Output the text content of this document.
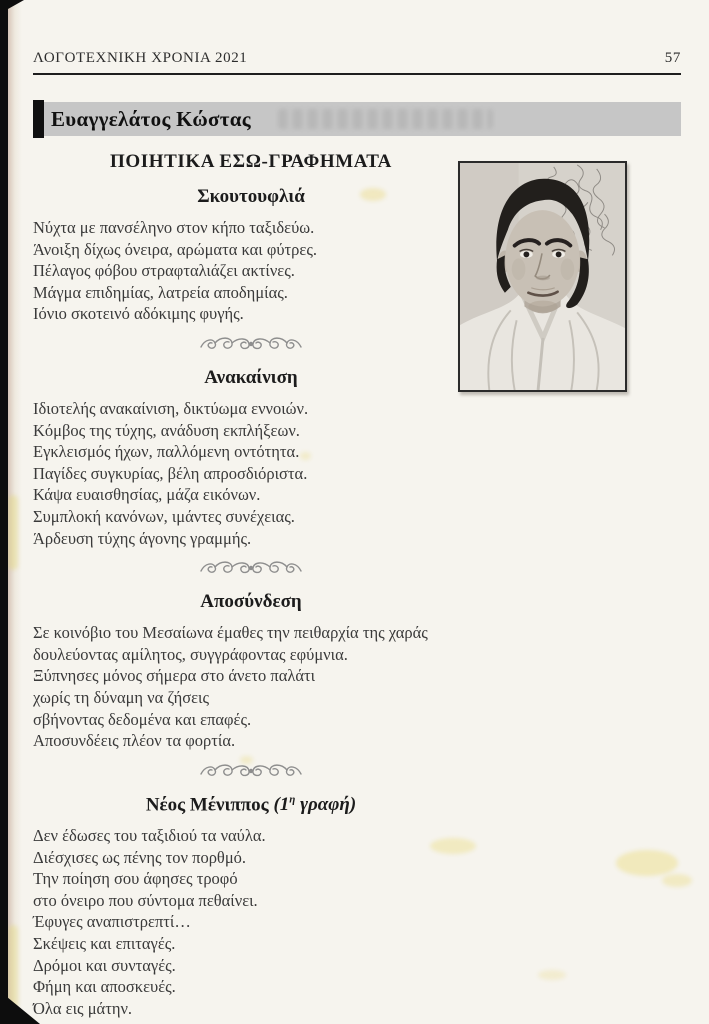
ΛΟΓΟΤΕΧΝΙΚΗ ΧΡΟΝΙΑ 2021	57
Ευαγγελάτος Κώστας
ΠΟΙΗΤΙΚΑ ΕΣΩ-ΓΡΑΦΗΜΑΤΑ
Σκουτουφλιά

Νύχτα με πανσέληνο στον κήπο ταξιδεύω.

Άνοιξη δίχως όνειρα, αρώματα και φύτρες.

Πέλαγος φόβου στραφταλιάζει ακτίνες.

Μάγμα επιδημίας, λατρεία αποδημίας.

Ιόνιο σκοτεινό αδόκιμης φυγής.

Ανακαίνιση

Ιδιοτελής ανακαίνιση, δικτύωμα εννοιών.

Κόμβος της τύχης, ανάδυση εκπλήξεων.

Εγκλεισμός ήχων, παλλόμενη οντότητα.

Παγίδες συγκυρίας, βέλη απροσδιόριστα.

Κάψα ευαισθησίας, μάζα εικόνων.

Συμπλοκή κανόνων, ιμάντες συνέχειας.

Άρδευση τύχης άγονης γραμμής.

Αποσύνδεση

Σε κοινόβιο του Μεσαίωνα έμαθες την πειθαρχία της χαράς

δουλεύοντας αμίλητος, συγγράφοντας εφύμνια.

Ξύπνησες μόνος σήμερα στο άνετο παλάτι

χωρίς τη δύναμη να ζήσεις

σβήνοντας δεδομένα και επαφές.

Αποσυνδέεις πλέον τα φορτία.

Νέος Μένιππος ($1^\eta$ γραφή)

Δεν έδωσες του ταξιδιού τα ναύλα.

Διέσχισες ως πένης τον πορθμό.

Την ποίηση σου άφησες τροφό

στο όνειρο που σύντομα πεθαίνει.

Έφυγες αναπιστρεπτί…

Σκέψεις και επιταγές.

Δρόμοι και συνταγές.

Φήμη και αποσκευές.

Όλα εις μάτην.
